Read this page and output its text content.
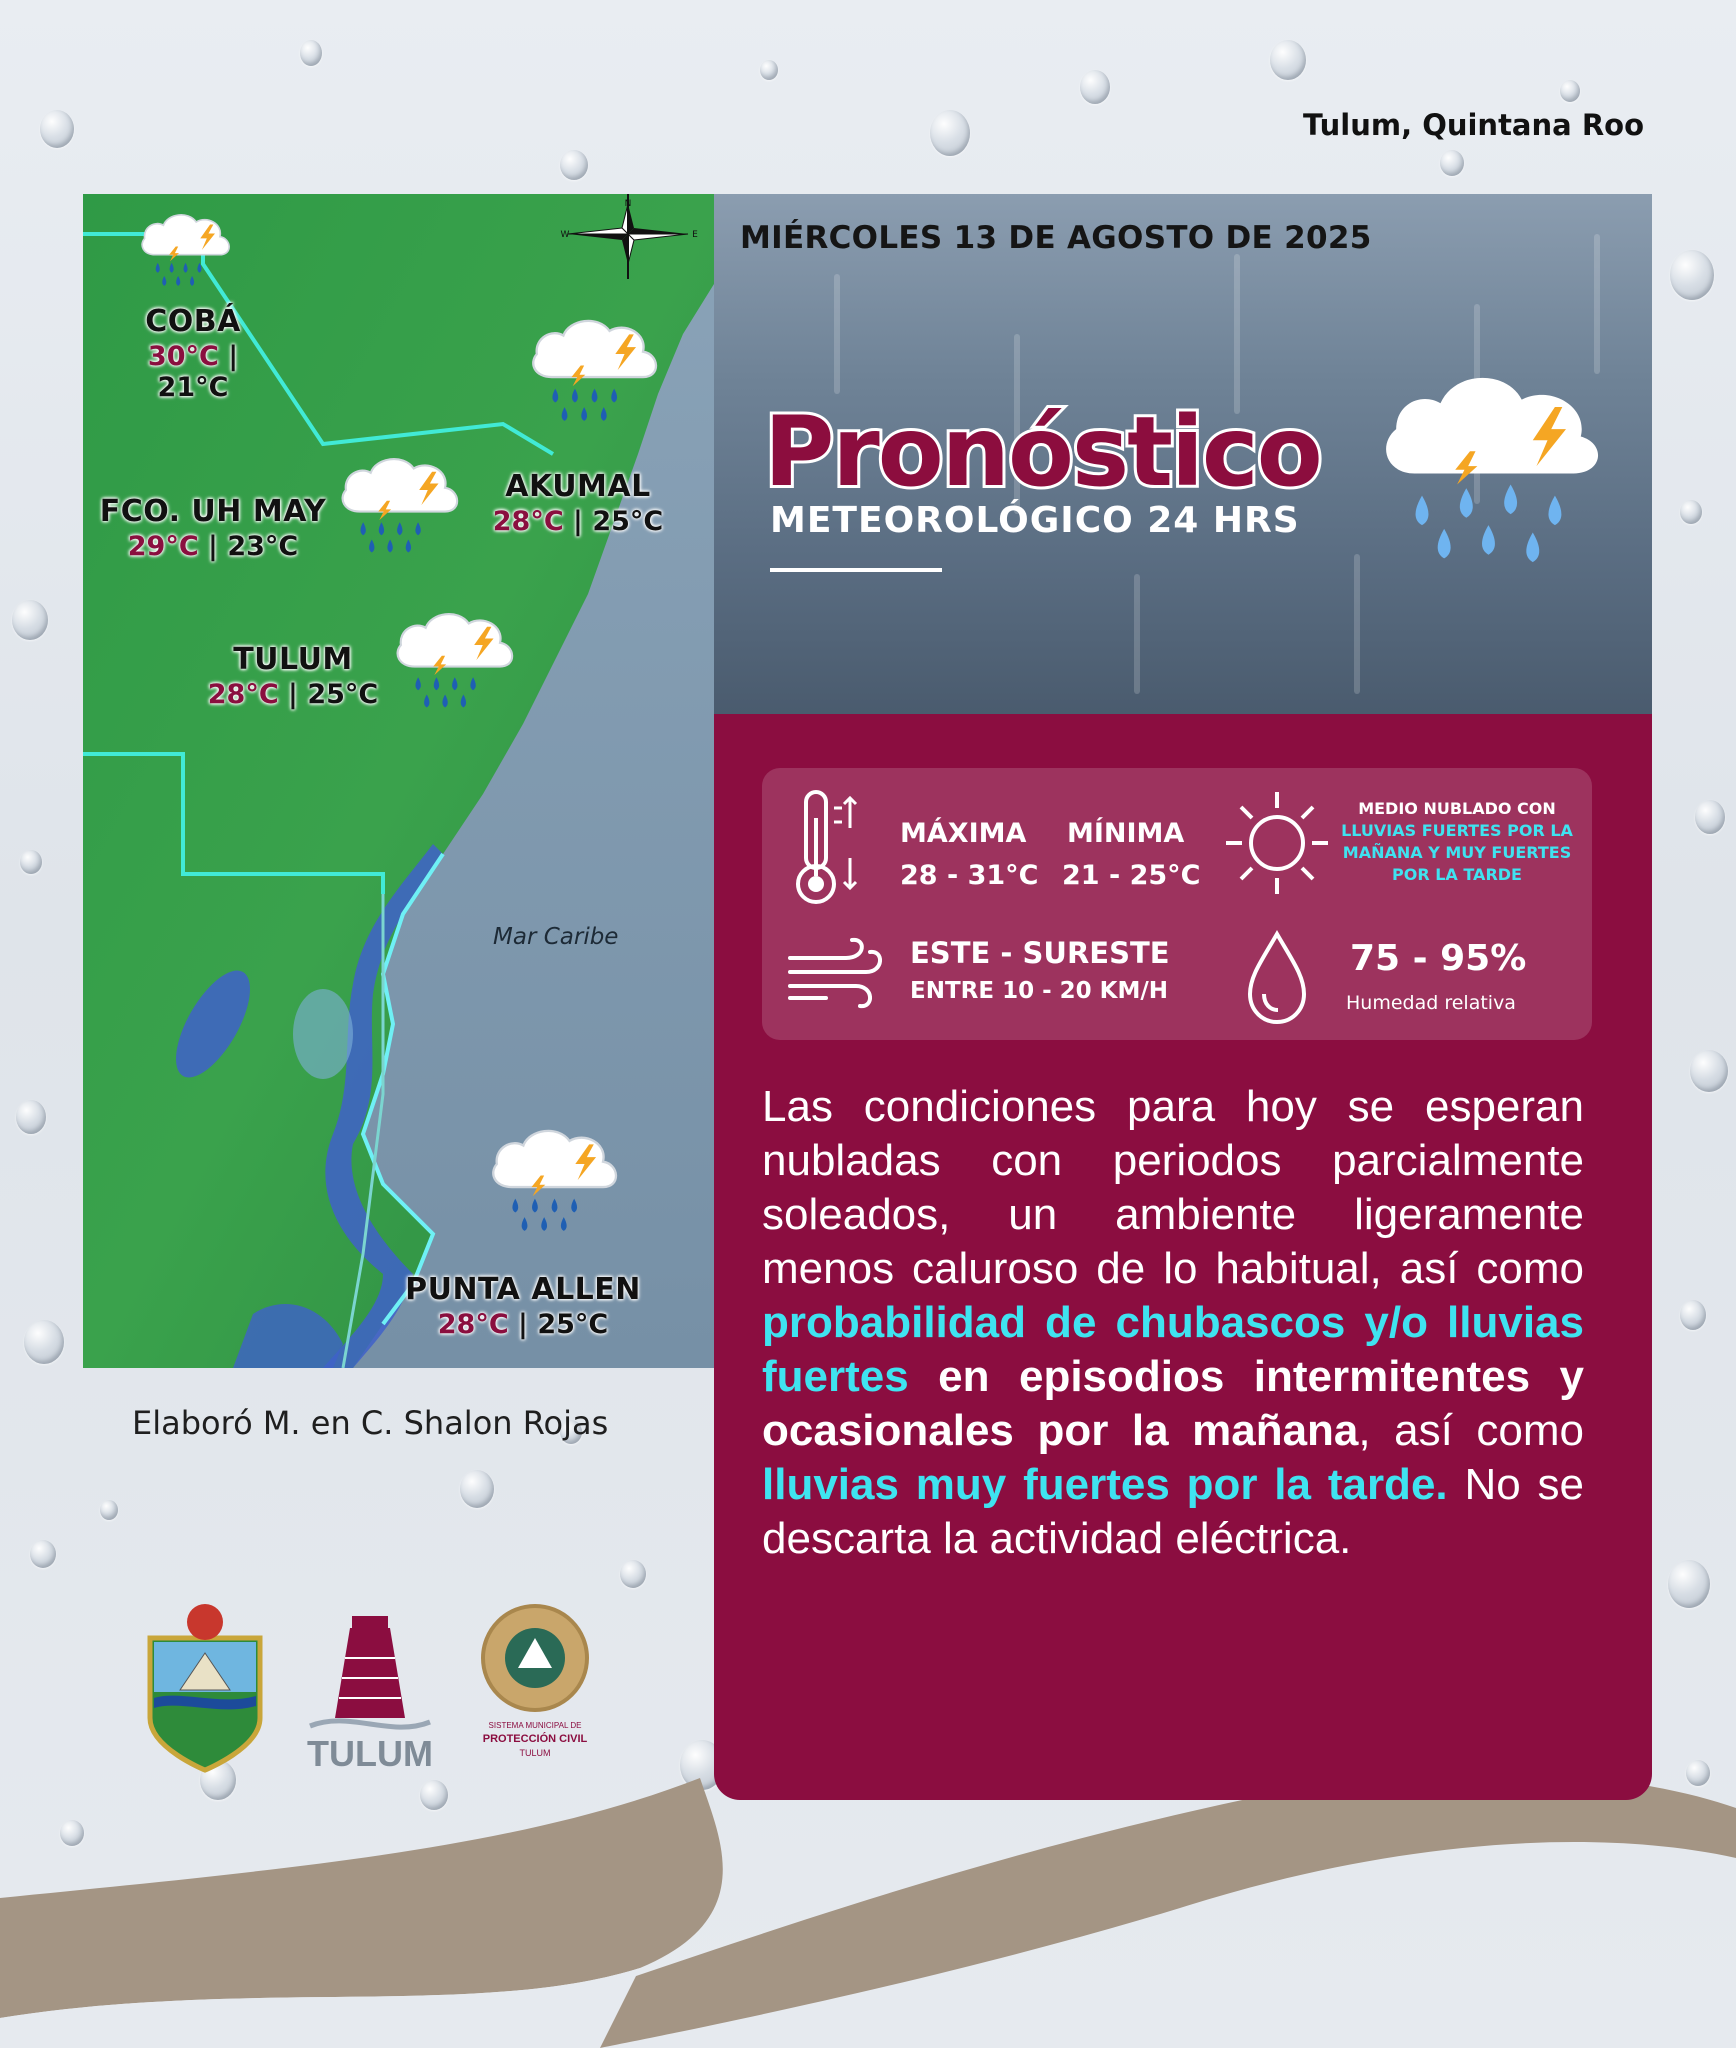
Tulum, Quintana Roo
N
W	E
Mar Caribe
COBÁ
30°C | 21°C
FCO. UH MAY
29°C | 23°C
AKUMAL
28°C | 25°C
TULUM
28°C | 25°C
PUNTA ALLEN
28°C | 25°C
MIÉRCOLES 13 DE AGOSTO DE 2025
Pronóstico
METEOROLÓGICO 24 HRS
MÁXIMA
28 - 31°C
MÍNIMA
21 - 25°C
MEDIO NUBLADO CON
LLUVIAS FUERTES POR LA
MAÑANA Y MUY FUERTES
POR LA TARDE
ESTE - SURESTE
ENTRE 10 - 20 KM/H
75 - 95%
Humedad relativa
Las condiciones para hoy se esperan nubladas con periodos parcialmente soleados, un ambiente ligeramente menos caluroso de lo habitual, así como probabilidad de chubascos y/o lluvias fuertes en episodios intermitentes y ocasionales por la mañana, así como lluvias muy fuertes por la tarde. No se descarta la actividad eléctrica.
Elaboró M. en C. Shalon Rojas
TULUM
SISTEMA MUNICIPAL DE
PROTECCIÓN CIVIL
TULUM
